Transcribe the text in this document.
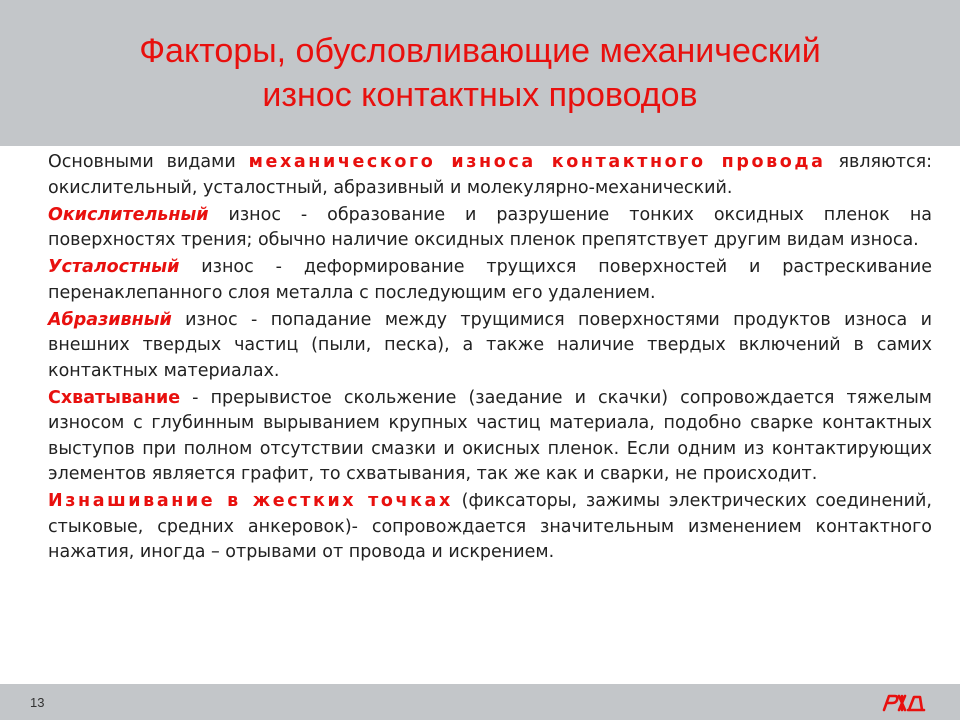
Факторы, обусловливающие механический
износ контактных проводов

Основными видами механического износа контактного провода являются: окислительный, усталостный, абразивный и молекулярно-механический.

Окислительный износ - образование и разрушение тонких оксидных пленок на поверхностях трения; обычно наличие оксидных пленок препятствует другим видам износа.

Усталостный износ - деформирование трущихся поверхностей и растрескивание перенаклепанного слоя металла с последующим его удалением.

Абразивный износ - попадание между трущимися поверхностями продуктов износа и внешних твердых частиц (пыли, песка), а также наличие твердых включений в самих контактных материалах.

Схватывание - прерывистое скольжение (заедание и скачки) сопровождается тяжелым износом с глубинным вырыванием крупных частиц материала, подобно сварке контактных выступов при полном отсутствии смазки и окисных пленок. Если одним из контактирующих элементов является графит, то схватывания, так же как и сварки, не происходит.

Изнашивание в жестких точках (фиксаторы, зажимы электрических соединений, стыковые, средних анкеровок)- сопровождается значительным изменением контактного нажатия, иногда – отрывами от провода и искрением.

13
